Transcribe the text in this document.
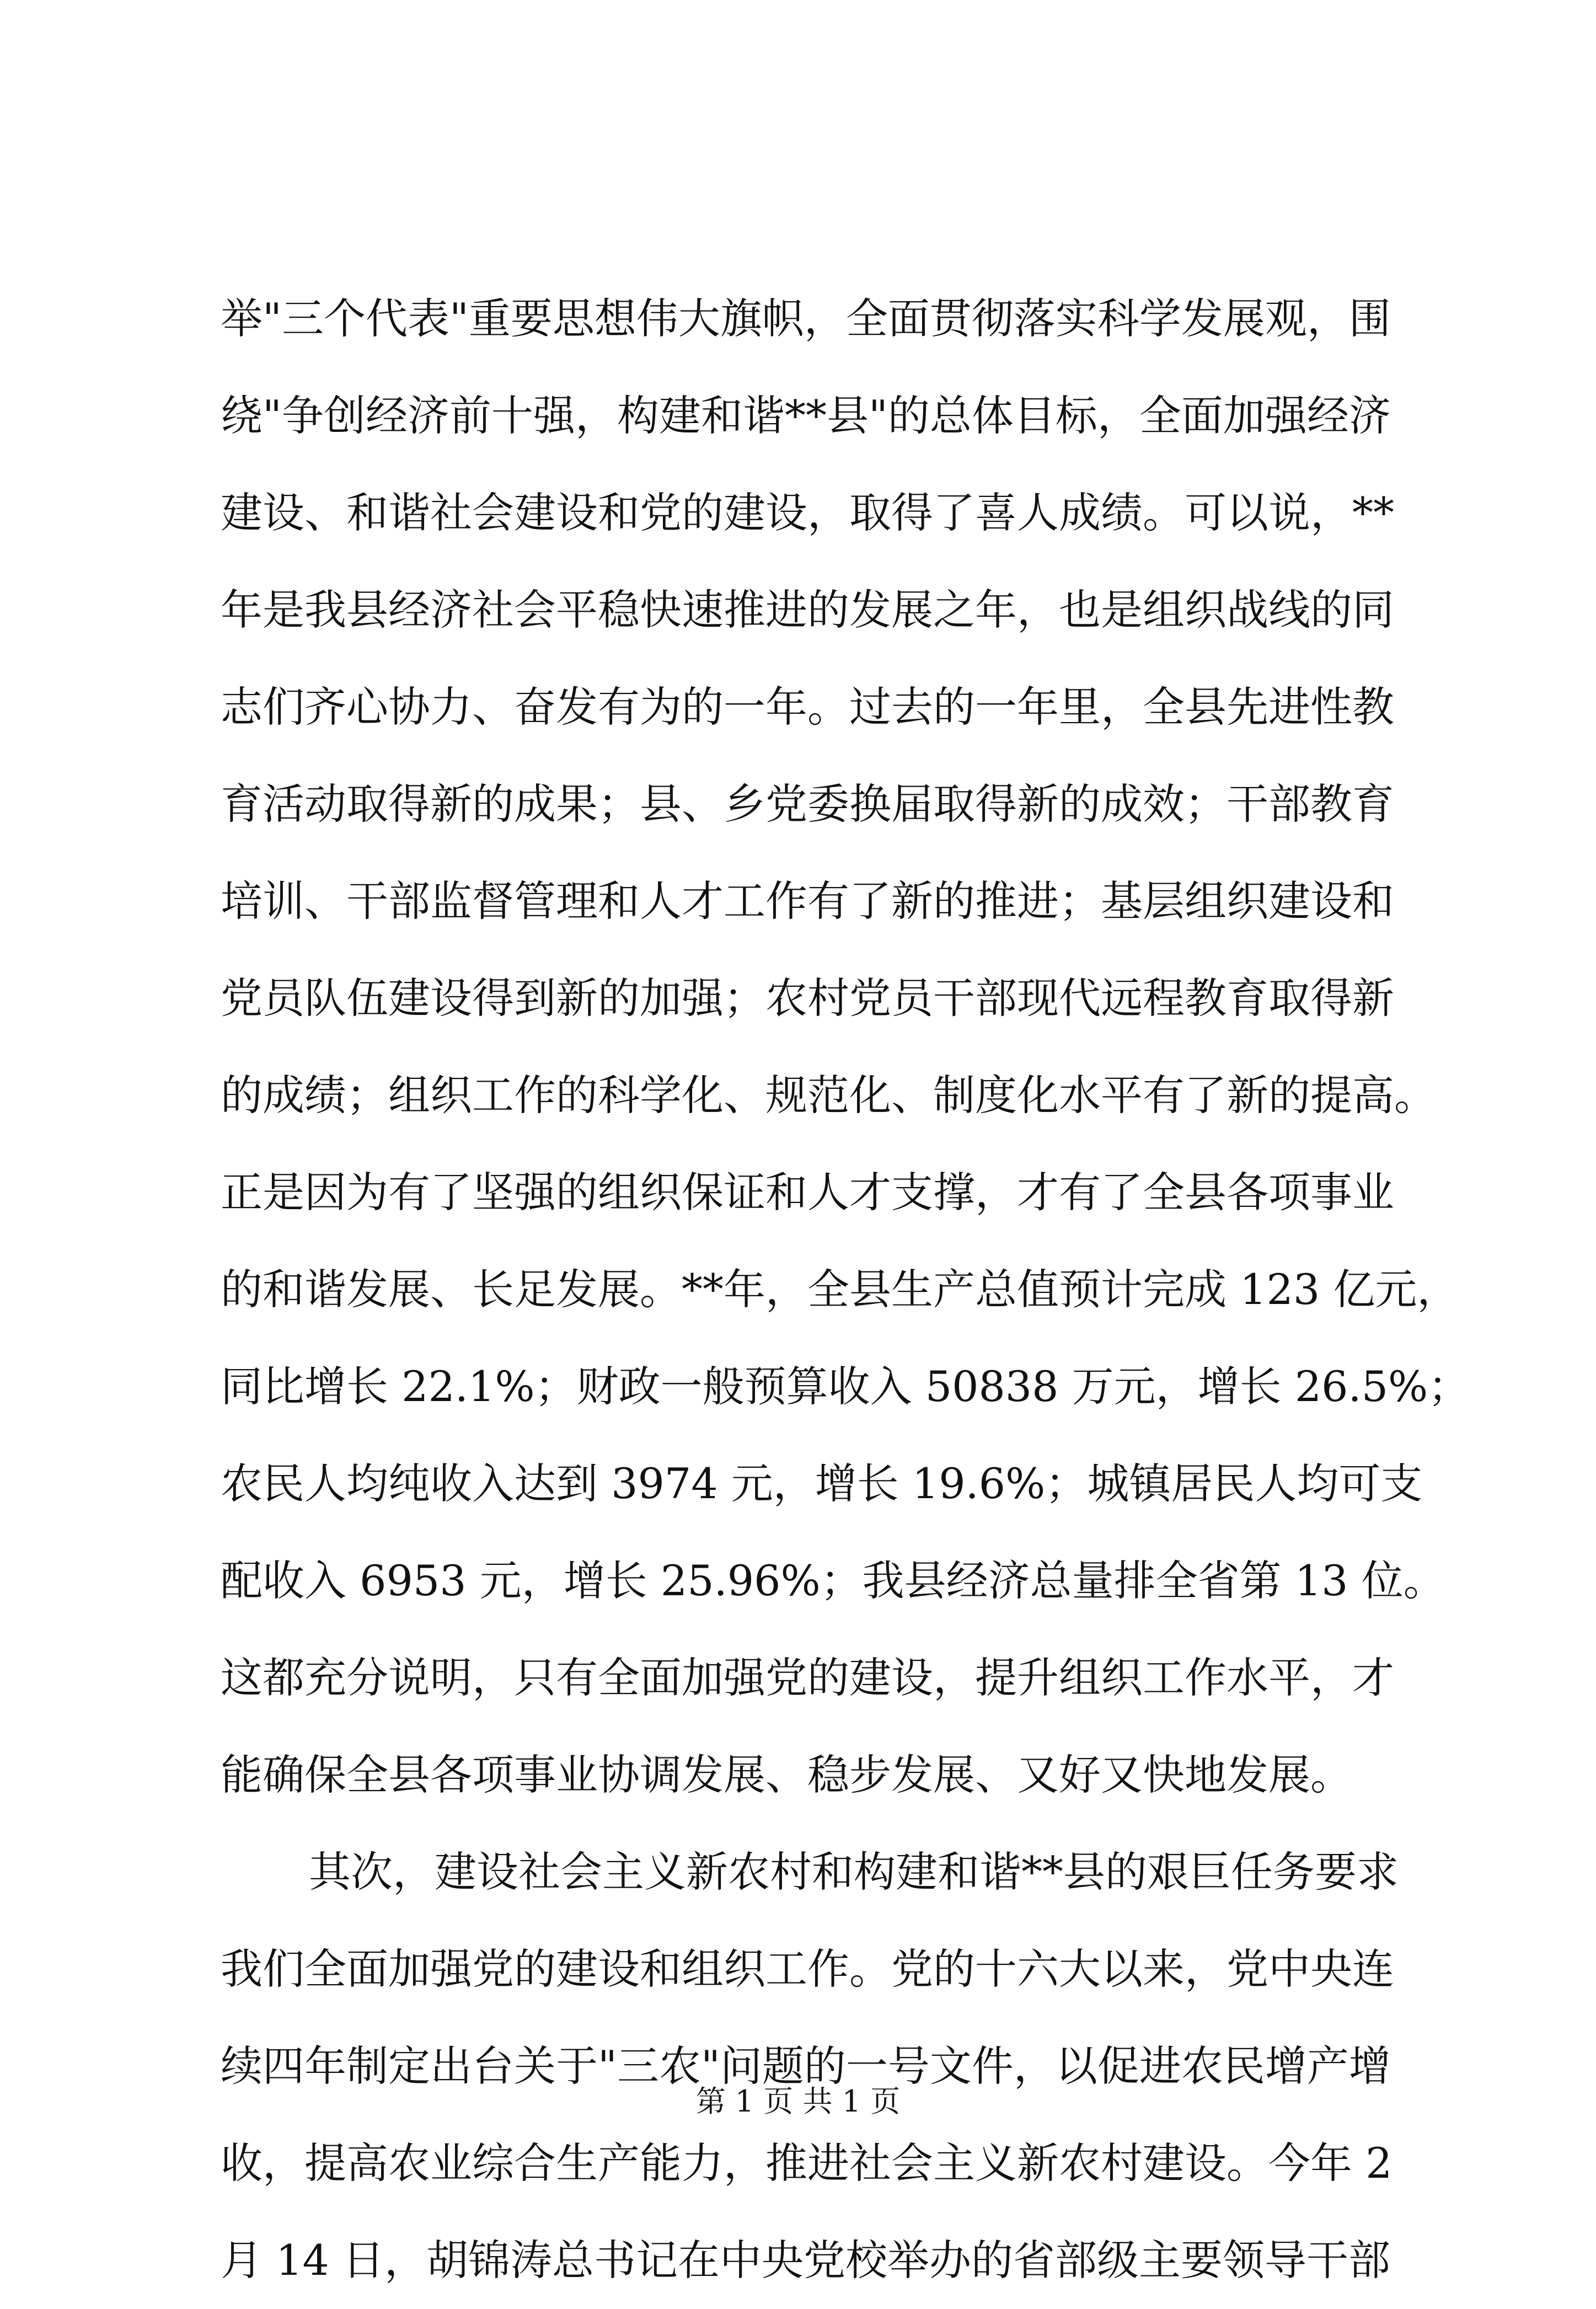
举"三个代表"重要思想伟大旗帜，全面贯彻落实科学发展观，围
绕"争创经济前十强，构建和谐**县"的总体目标，全面加强经济
建设、和谐社会建设和党的建设，取得了喜人成绩。可以说，**
年是我县经济社会平稳快速推进的发展之年，也是组织战线的同
志们齐心协力、奋发有为的一年。过去的一年里，全县先进性教
育活动取得新的成果；县、乡党委换届取得新的成效；干部教育
培训、干部监督管理和人才工作有了新的推进；基层组织建设和
党员队伍建设得到新的加强；农村党员干部现代远程教育取得新
的成绩；组织工作的科学化、规范化、制度化水平有了新的提高。
正是因为有了坚强的组织保证和人才支撑，才有了全县各项事业
的和谐发展、长足发展。**年，全县生产总值预计完成 123 亿元，
同比增长 22.1%；财政一般预算收入 50838 万元，增长 26.5%；
农民人均纯收入达到 3974 元，增长 19.6%；城镇居民人均可支
配收入 6953 元，增长 25.96%；我县经济总量排全省第 13 位。
这都充分说明，只有全面加强党的建设，提升组织工作水平，才
能确保全县各项事业协调发展、稳步发展、又好又快地发展。
其次，建设社会主义新农村和构建和谐**县的艰巨任务要求
我们全面加强党的建设和组织工作。党的十六大以来，党中央连
续四年制定出台关于"三农"问题的一号文件，以促进农民增产增
收，提高农业综合生产能力，推进社会主义新农村建设。今年 2
月 14 日，胡锦涛总书记在中央党校举办的省部级主要领导干部
第 1 页 共 1 页
